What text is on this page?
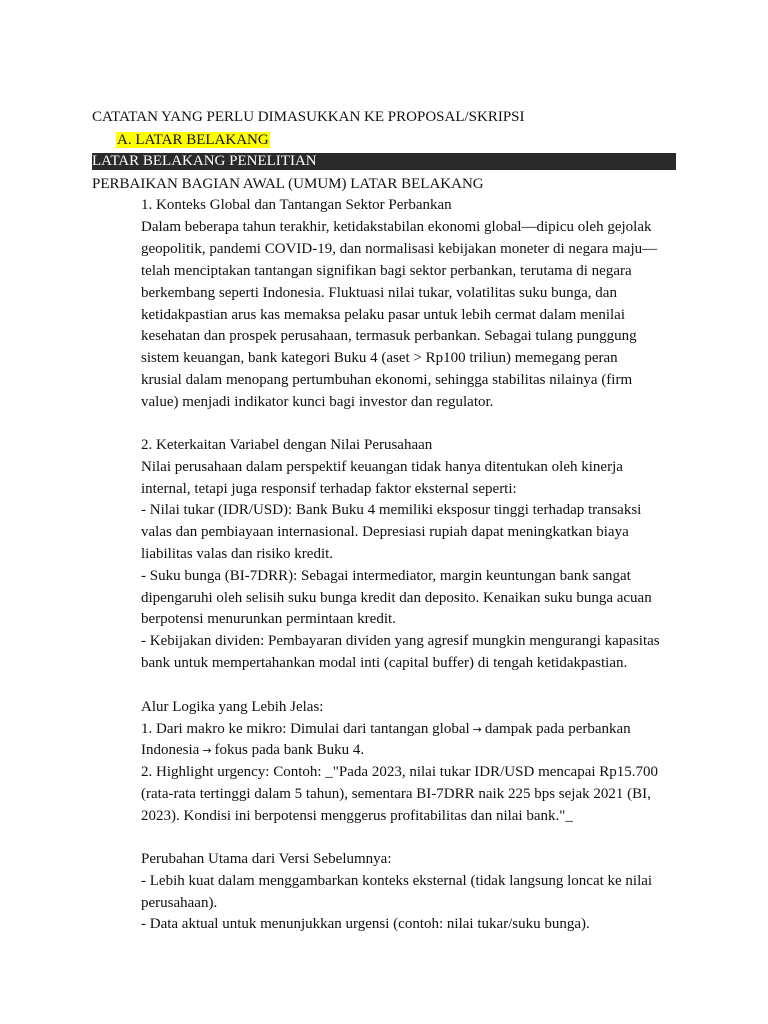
CATATAN YANG PERLU DIMASUKKAN KE PROPOSAL/SKRIPSI
A. LATAR BELAKANG
LATAR BELAKANG PENELITIAN
PERBAIKAN BAGIAN AWAL (UMUM) LATAR BELAKANG
1. Konteks Global dan Tantangan Sektor Perbankan
Dalam beberapa tahun terakhir, ketidakstabilan ekonomi global—dipicu oleh gejolak
geopolitik, pandemi COVID-19, dan normalisasi kebijakan moneter di negara maju—
telah menciptakan tantangan signifikan bagi sektor perbankan, terutama di negara
berkembang seperti Indonesia. Fluktuasi nilai tukar, volatilitas suku bunga, dan
ketidakpastian arus kas memaksa pelaku pasar untuk lebih cermat dalam menilai
kesehatan dan prospek perusahaan, termasuk perbankan. Sebagai tulang punggung
sistem keuangan, bank kategori Buku 4 (aset > Rp100 triliun) memegang peran
krusial dalam menopang pertumbuhan ekonomi, sehingga stabilitas nilainya (firm
value) menjadi indikator kunci bagi investor dan regulator.
2. Keterkaitan Variabel dengan Nilai Perusahaan
Nilai perusahaan dalam perspektif keuangan tidak hanya ditentukan oleh kinerja
internal, tetapi juga responsif terhadap faktor eksternal seperti:
- Nilai tukar (IDR/USD): Bank Buku 4 memiliki eksposur tinggi terhadap transaksi
valas dan pembiayaan internasional. Depresiasi rupiah dapat meningkatkan biaya
liabilitas valas dan risiko kredit.
- Suku bunga (BI-7DRR): Sebagai intermediator, margin keuntungan bank sangat
dipengaruhi oleh selisih suku bunga kredit dan deposito. Kenaikan suku bunga acuan
berpotensi menurunkan permintaan kredit.
- Kebijakan dividen: Pembayaran dividen yang agresif mungkin mengurangi kapasitas
bank untuk mempertahankan modal inti (capital buffer) di tengah ketidakpastian.
Alur Logika yang Lebih Jelas:
1. Dari makro ke mikro: Dimulai dari tantangan global → dampak pada perbankan
Indonesia → fokus pada bank Buku 4.
2. Highlight urgency: Contoh: _"Pada 2023, nilai tukar IDR/USD mencapai Rp15.700
(rata-rata tertinggi dalam 5 tahun), sementara BI-7DRR naik 225 bps sejak 2021 (BI,
2023). Kondisi ini berpotensi menggerus profitabilitas dan nilai bank."_
Perubahan Utama dari Versi Sebelumnya:
- Lebih kuat dalam menggambarkan konteks eksternal (tidak langsung loncat ke nilai
perusahaan).
- Data aktual untuk menunjukkan urgensi (contoh: nilai tukar/suku bunga).
